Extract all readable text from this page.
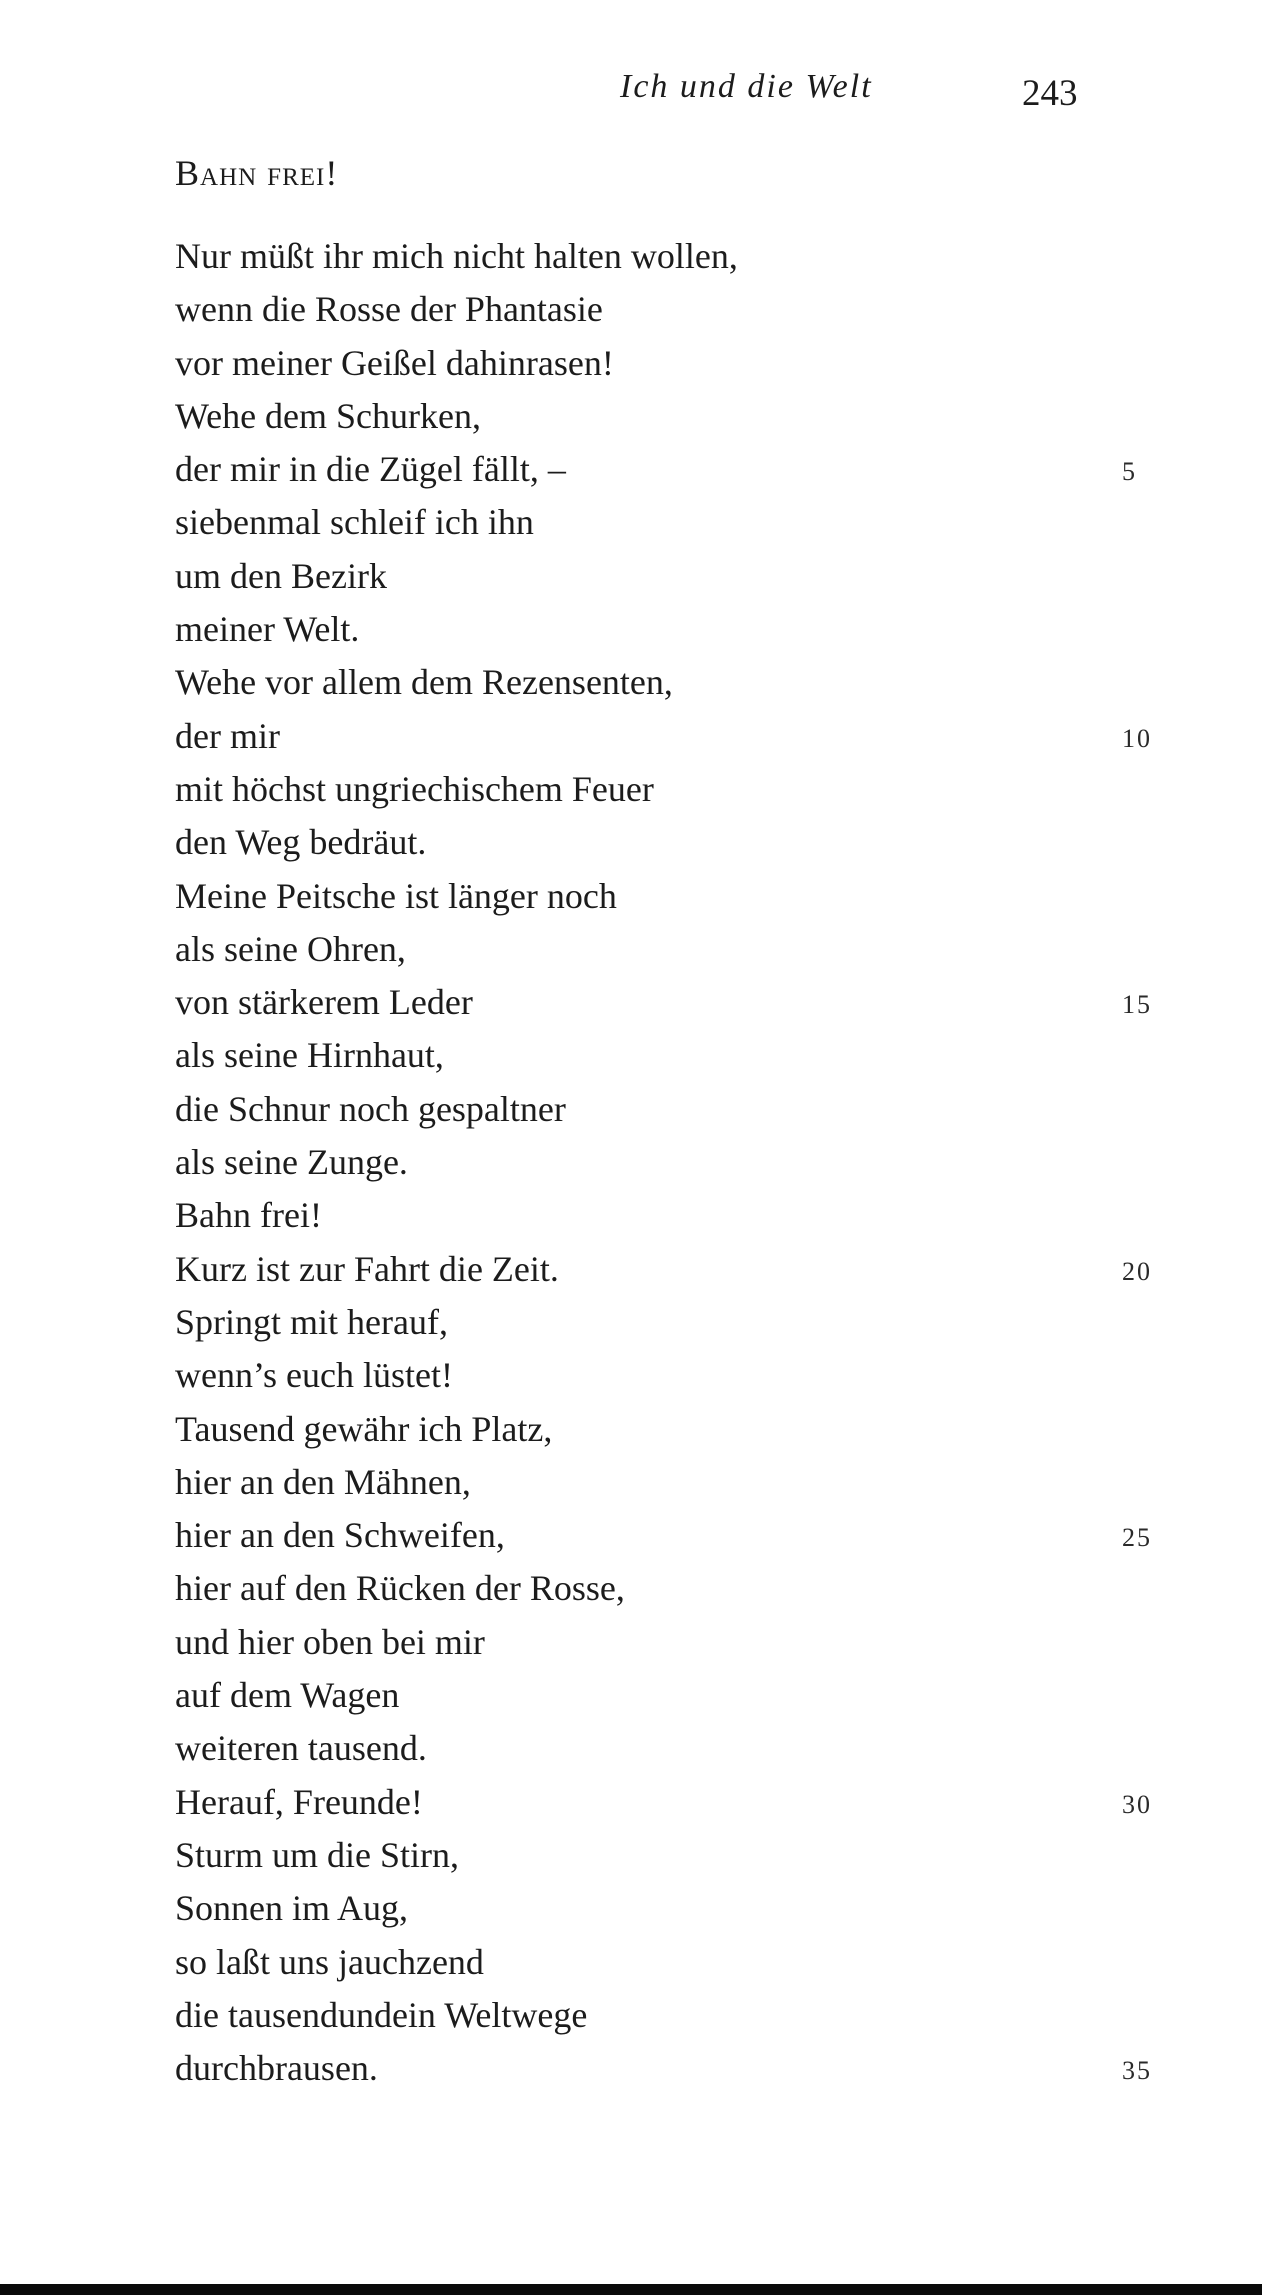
Ich und die Welt	243
Bahn frei!
Nur müßt ihr mich nicht halten wollen,
wenn die Rosse der Phantasie
vor meiner Geißel dahinrasen!
Wehe dem Schurken,
der mir in die Zügel fällt, –	5
siebenmal schleif ich ihn
um den Bezirk
meiner Welt.
Wehe vor allem dem Rezensenten,
der mir	10
mit höchst ungriechischem Feuer
den Weg bedräut.
Meine Peitsche ist länger noch
als seine Ohren,
von stärkerem Leder	15
als seine Hirnhaut,
die Schnur noch gespaltner
als seine Zunge.
Bahn frei!
Kurz ist zur Fahrt die Zeit.	20
Springt mit herauf,
wenn’s euch lüstet!
Tausend gewähr ich Platz,
hier an den Mähnen,
hier an den Schweifen,	25
hier auf den Rücken der Rosse,
und hier oben bei mir
auf dem Wagen
weiteren tausend.
Herauf, Freunde!	30
Sturm um die Stirn,
Sonnen im Aug,
so laßt uns jauchzend
die tausendundein Weltwege
durchbrausen.	35
